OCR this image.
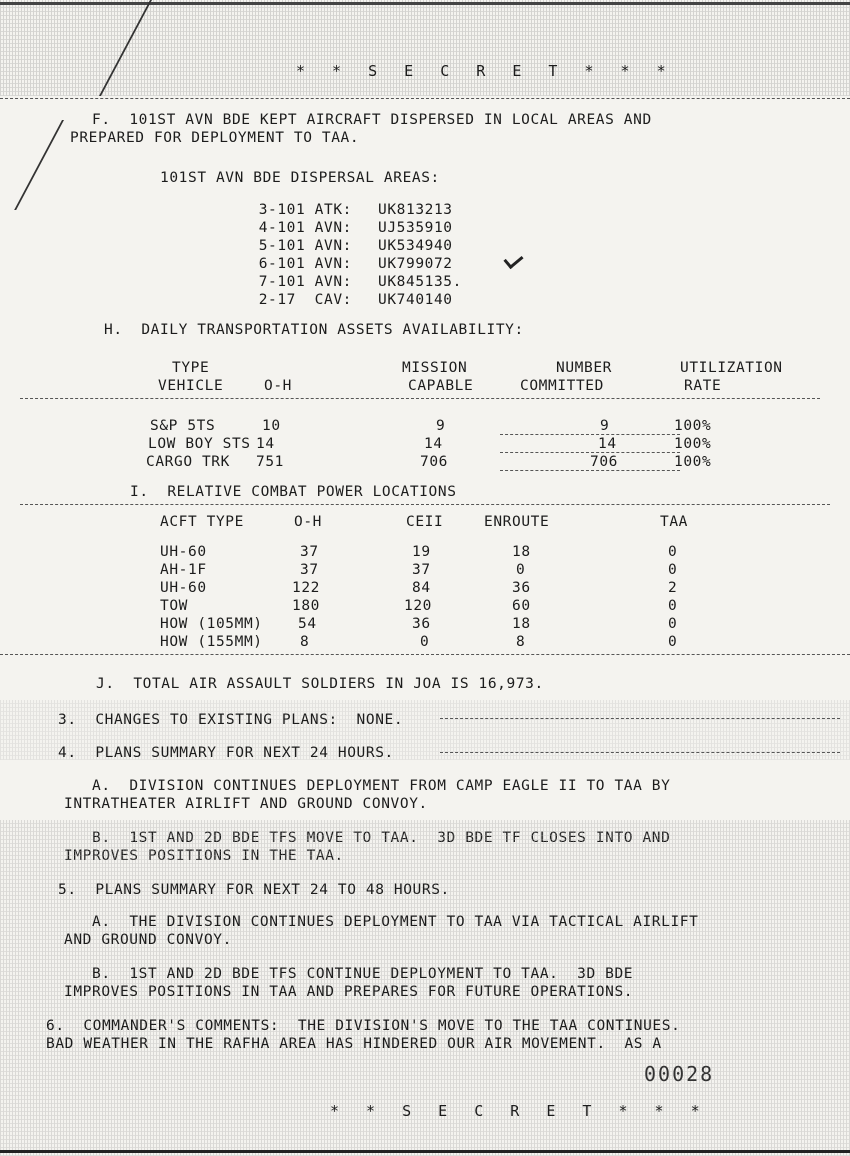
* * S E C R E T * * *
F.  101ST AVN BDE KEPT AIRCRAFT DISPERSED IN LOCAL AREAS AND
PREPARED FOR DEPLOYMENT TO TAA.
101ST AVN BDE DISPERSAL AREAS:
3-101 ATK: UK813213
4-101 AVN: UJ535910
5-101 AVN: UK534940
6-101 AVN: UK799072
7-101 AVN: UK845135.
2-17  CAV: UK740140
H.  DAILY TRANSPORTATION ASSETS AVAILABILITY:
TYPE	MISSION	NUMBER	UTILIZATION
VEHICLE	O-H	CAPABLE	COMMITTED	RATE
S&P 5TS	10	9	9	100%
LOW BOY STS 14	14	14	100%
CARGO TRK 751	706	706	100%
I.  RELATIVE COMBAT POWER LOCATIONS
ACFT TYPE	O-H	CEII	ENROUTE	TAA
UH-60	37	19	18	0
AH-1F	37	37	0	0
UH-60	122	84	36	2
TOW	180	120	60	0
HOW (105MM) 54	36	18	0
HOW (155MM)	8	0	8	0
J.  TOTAL AIR ASSAULT SOLDIERS IN JOA IS 16,973.
3.  CHANGES TO EXISTING PLANS:  NONE.
4.  PLANS SUMMARY FOR NEXT 24 HOURS.
A.  DIVISION CONTINUES DEPLOYMENT FROM CAMP EAGLE II TO TAA BY
INTRATHEATER AIRLIFT AND GROUND CONVOY.
B.  1ST AND 2D BDE TFS MOVE TO TAA.  3D BDE TF CLOSES INTO AND
IMPROVES POSITIONS IN THE TAA.
5.  PLANS SUMMARY FOR NEXT 24 TO 48 HOURS.
A.  THE DIVISION CONTINUES DEPLOYMENT TO TAA VIA TACTICAL AIRLIFT
AND GROUND CONVOY.
B.  1ST AND 2D BDE TFS CONTINUE DEPLOYMENT TO TAA.  3D BDE
IMPROVES POSITIONS IN TAA AND PREPARES FOR FUTURE OPERATIONS.
6.  COMMANDER'S COMMENTS:  THE DIVISION'S MOVE TO THE TAA CONTINUES.
BAD WEATHER IN THE RAFHA AREA HAS HINDERED OUR AIR MOVEMENT.  AS A
00028
* * S E C R E T * * *
